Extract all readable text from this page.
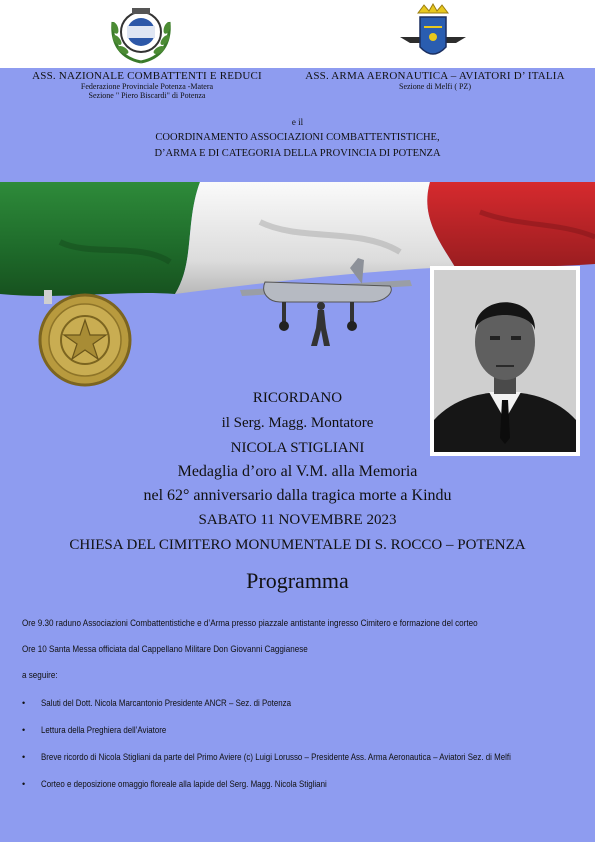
ASS. NAZIONALE COMBATTENTI E REDUCI
Federazione Provinciale Potenza -Matera
Sezione " Piero Biscardi" di Potenza
ASS. ARMA AERONAUTICA – AVIATORI D’ ITALIA
Sezione di Melfi ( PZ)
e il
COORDINAMENTO ASSOCIAZIONI COMBATTENTISTICHE,
D’ARMA E DI CATEGORIA DELLA PROVINCIA DI POTENZA
RICORDANO
il Serg. Magg. Montatore
NICOLA STIGLIANI
Medaglia d’oro al V.M. alla Memoria
nel 62° anniversario dalla tragica morte a Kindu
SABATO 11 NOVEMBRE 2023
CHIESA DEL CIMITERO MONUMENTALE DI S. ROCCO – POTENZA
Programma
Ore 9.30 raduno Associazioni Combattentistiche e d’Arma presso piazzale antistante ingresso Cimitero e formazione del corteo
Ore 10 Santa Messa officiata dal Cappellano Militare Don Giovanni Caggianese
a seguire:
• Saluti del Dott. Nicola Marcantonio Presidente ANCR – Sez. di Potenza
• Lettura della Preghiera dell’Aviatore
• Breve ricordo di Nicola Stigliani da parte del Primo Aviere (c) Luigi Lorusso – Presidente Ass. Arma Aeronautica – Aviatori Sez. di Melfi
• Corteo e deposizione omaggio floreale alla lapide del Serg. Magg. Nicola Stigliani
